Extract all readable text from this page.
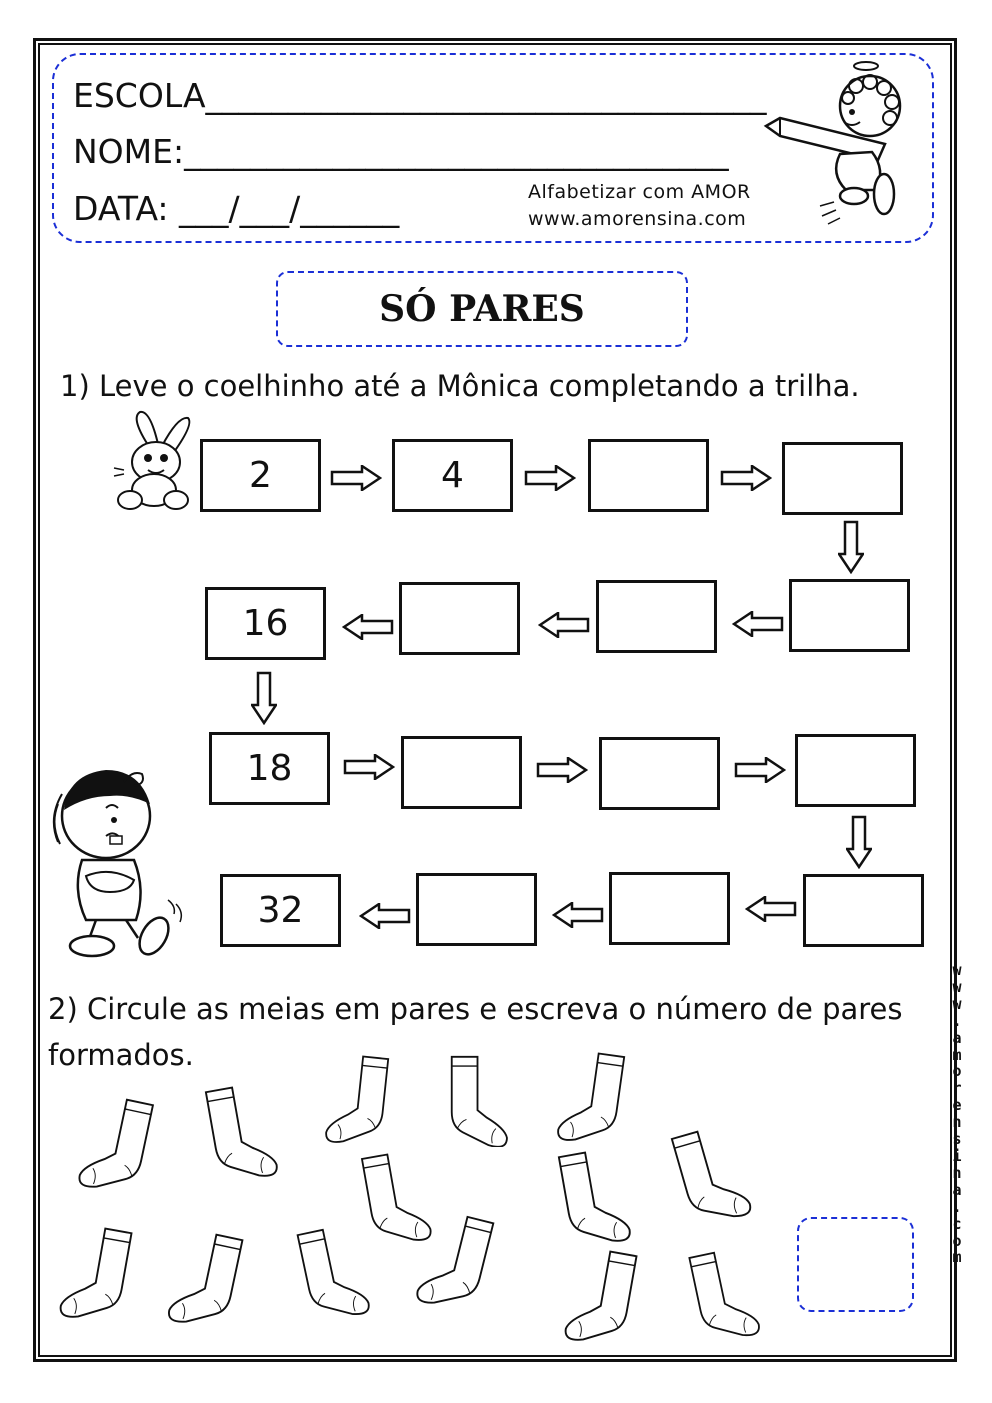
ESCOLA__________________________________
NOME:_________________________________
DATA: ___/___/______	Alfabetizar com AMOR
www.amorensina.com
SÓ PARES
1) Leve o coelhinho até a Mônica completando a trilha.
2	4
16
18
32
2) Circule as meias em pares e escreva o número de pares
formados.
w
w
w
.
a
m
o
r
e
n
s
i
n
a
.
c
o
m
